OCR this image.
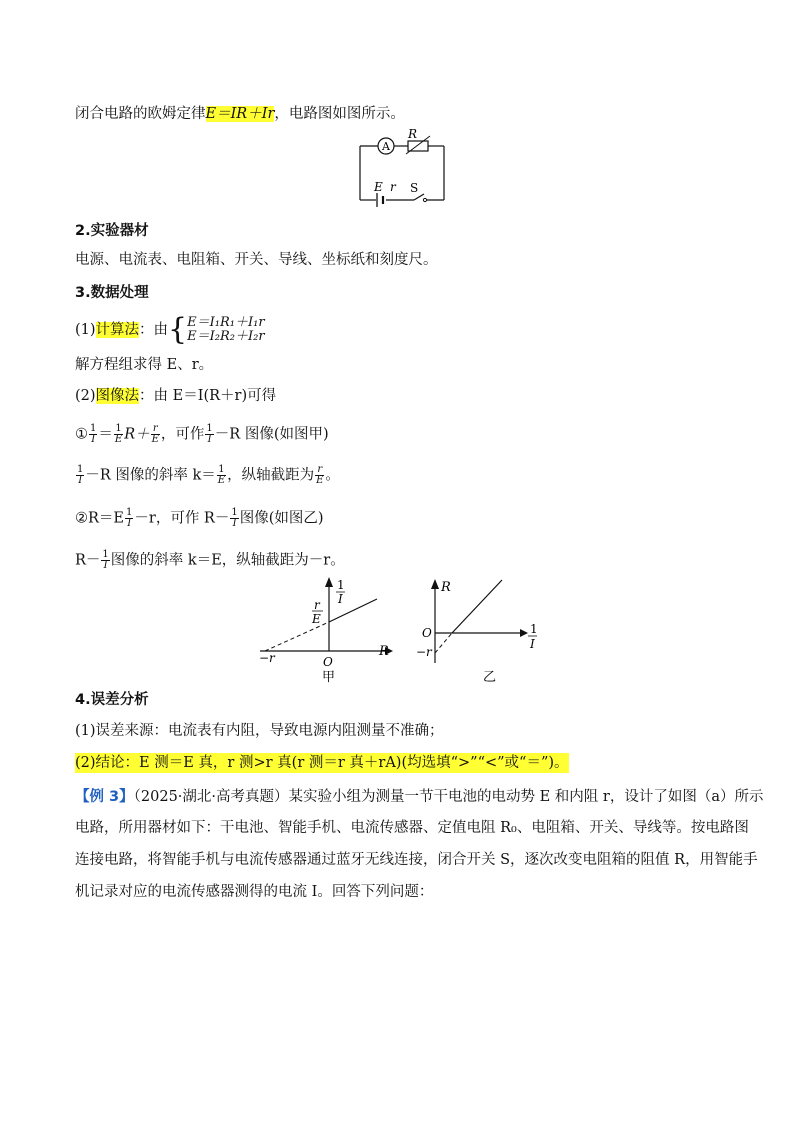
闭合电路的欧姆定律E＝IR＋Ir，电路图如图所示。
A
R
E r S
2.实验器材
电源、电流表、电阻箱、开关、导线、坐标纸和刻度尺。
3.数据处理
(1)计算法：由{ E＝I₁R₁＋I₁r
E＝I₂R₂＋I₂r
解方程组求得 E、r。
(2)图像法：由 E＝I(R＋r)可得
① $\frac{1}{I} = \frac{1}{E} R+ \frac{r}{E}$ ，可作 $\frac{1}{I} -R$ 图像(如图甲)
$\frac{1}{I} -R$ 图像的斜率 $k= \frac{1}{E}$ ，纵轴截距为 $\frac{r}{E}$ 。
②R＝E $\frac{1}{I} -r$，可作 $R- \frac{1}{I}$ 图像(如图乙)
$R- \frac{1}{I}$ 图像的斜率 k＝E，纵轴截距为－r。
1
I
r
E
R
O
−r
甲
R
O
−r
1
I
乙
4.误差分析
(1)误差来源：电流表有内阻，导致电源内阻测量不准确；
(2)结论：E 测＝E 真，r 测>r 真(r 测＝r 真＋rA)(均选填“>”“<”或“＝”)。
【例 3】（2025·湖北·高考真题）某实验小组为测量一节干电池的电动势 E 和内阻 r，设计了如图（a）所示
电路，所用器材如下：干电池、智能手机、电流传感器、定值电阻 R₀、电阻箱、开关、导线等。按电路图
连接电路，将智能手机与电流传感器通过蓝牙无线连接，闭合开关 S，逐次改变电阻箱的阻值 R，用智能手
机记录对应的电流传感器测得的电流 I。回答下列问题：
